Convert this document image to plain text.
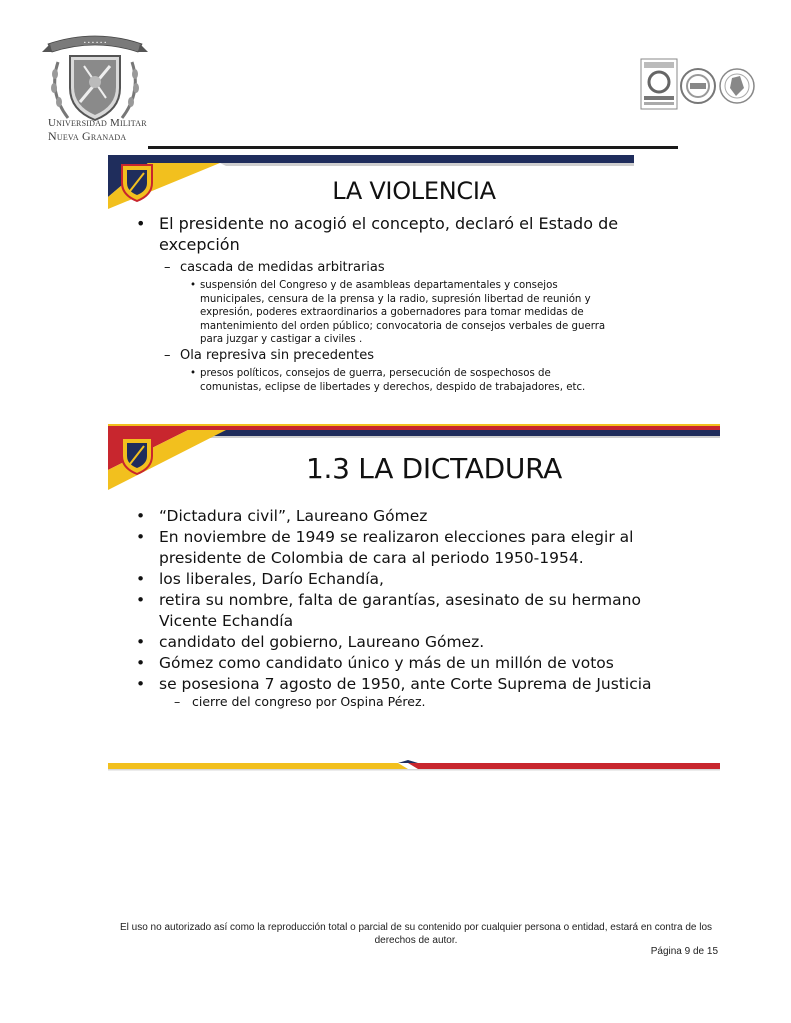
• • • • • •
Universidad Militar
Nueva Granada
LA VIOLENCIA
• El presidente no acogió el concepto, declaró el Estado de excepción
– cascada de medidas arbitrarias
• suspensión del Congreso y de asambleas departamentales y consejos municipales, censura de la prensa y la radio, supresión libertad de reunión y expresión, poderes extraordinarios a gobernadores para tomar medidas de mantenimiento del orden público; convocatoria de consejos verbales de guerra para juzgar y castigar a civiles .
– Ola represiva sin precedentes
• presos políticos, consejos de guerra, persecución de sospechosos de comunistas, eclipse de libertades y derechos, despido de trabajadores, etc.
1.3 LA DICTADURA
• “Dictadura civil”, Laureano Gómez
• En noviembre de 1949 se realizaron elecciones para elegir al presidente de Colombia de cara al periodo 1950-1954.
• los liberales, Darío Echandía,
• retira su nombre, falta de garantías, asesinato de su hermano Vicente Echandía
• candidato del gobierno, Laureano Gómez.
• Gómez como candidato único y más de un millón de votos
• se posesiona 7 agosto de 1950, ante Corte Suprema de Justicia
– cierre del congreso por Ospina Pérez.
El uso no autorizado así como la reproducción total o parcial de su contenido por cualquier persona o entidad, estará en contra de los derechos de autor.
Página 9 de 15
